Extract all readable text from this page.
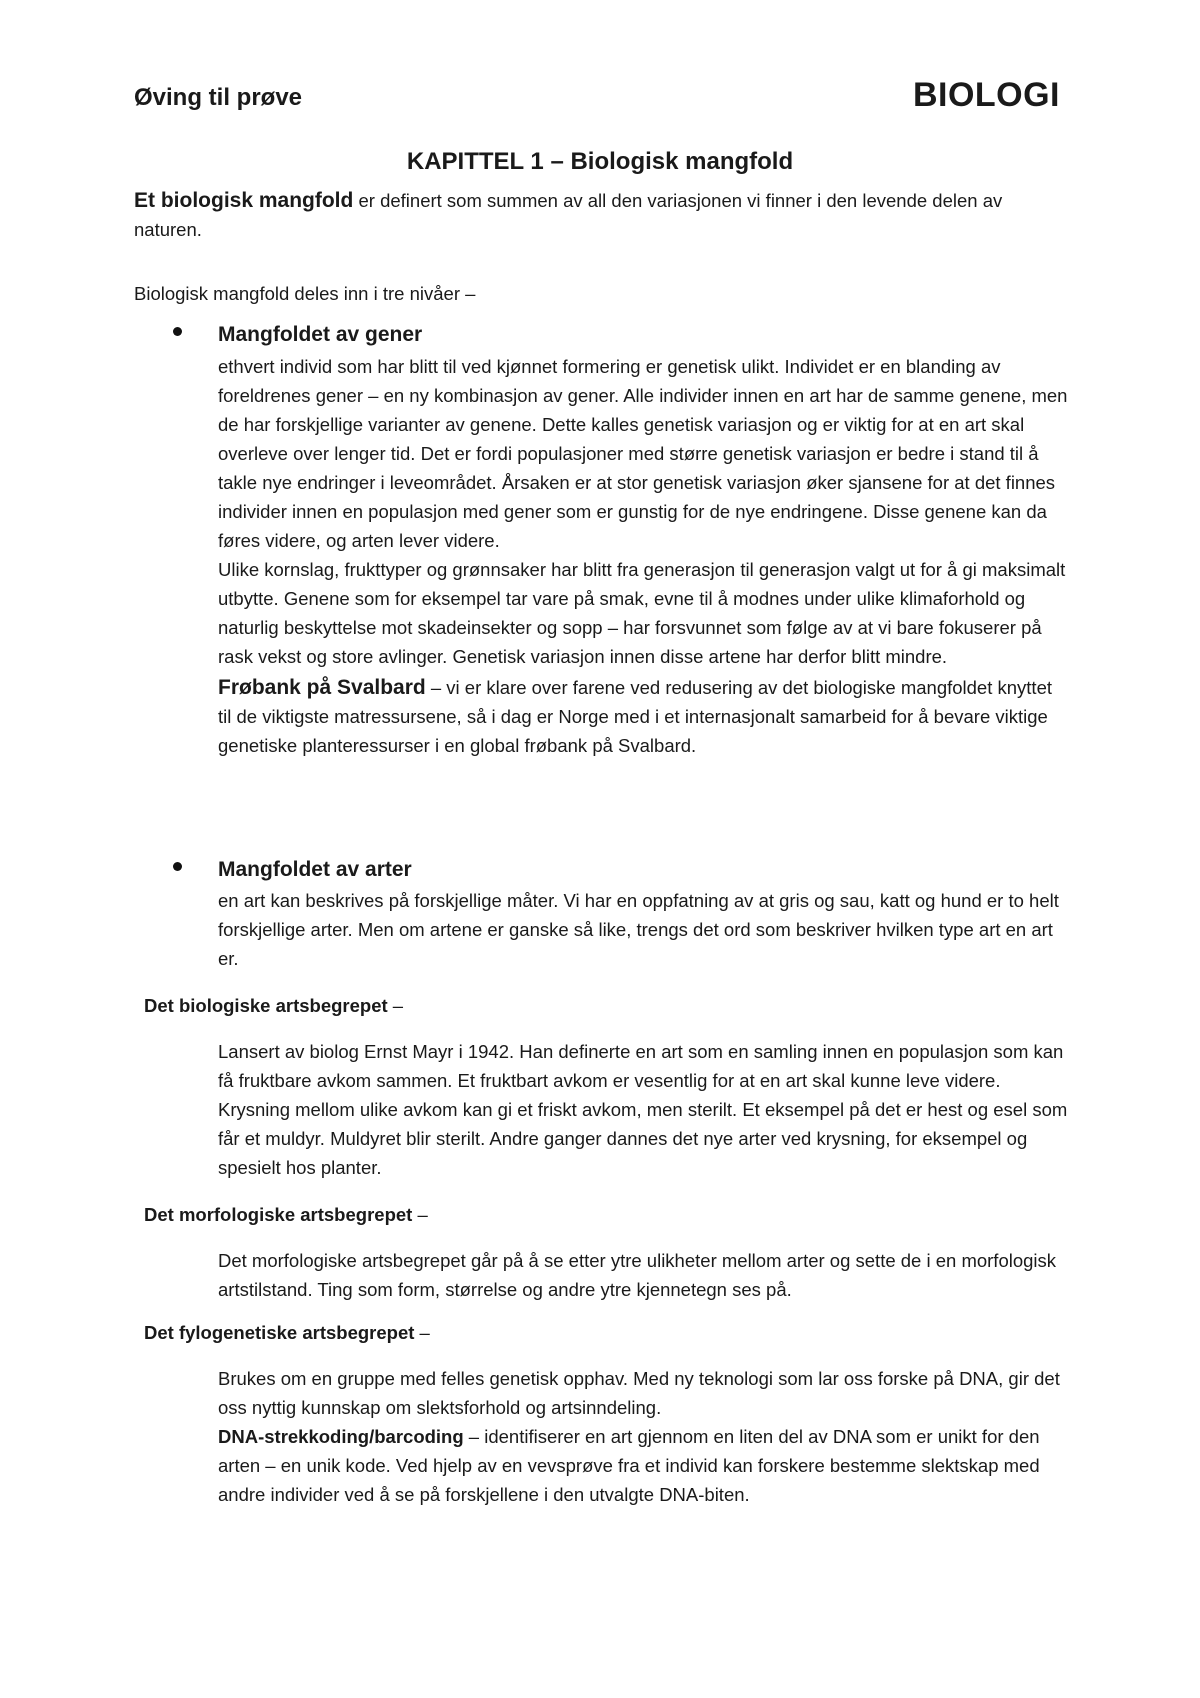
Øving til prøve	BIOLOGI
KAPITTEL 1 – Biologisk mangfold

Et biologisk mangfold er definert som summen av all den variasjonen vi finner i den levende delen av naturen.

Biologisk mangfold deles inn i tre nivåer –
Mangfoldet av gener

ethvert individ som har blitt til ved kjønnet formering er genetisk ulikt. Individet er en blanding av foreldrenes gener – en ny kombinasjon av gener. Alle individer innen en art har de samme genene, men de har forskjellige varianter av genene. Dette kalles genetisk variasjon og er viktig for at en art skal overleve over lenger tid. Det er fordi populasjoner med større genetisk variasjon er bedre i stand til å takle nye endringer i leveområdet. Årsaken er at stor genetisk variasjon øker sjansene for at det finnes individer innen en populasjon med gener som er gunstig for de nye endringene. Disse genene kan da føres videre, og arten lever videre.

Ulike kornslag, frukttyper og grønnsaker har blitt fra generasjon til generasjon valgt ut for å gi maksimalt utbytte. Genene som for eksempel tar vare på smak, evne til å modnes under ulike klimaforhold og naturlig beskyttelse mot skadeinsekter og sopp – har forsvunnet som følge av at vi bare fokuserer på rask vekst og store avlinger. Genetisk variasjon innen disse artene har derfor blitt mindre.

Frøbank på Svalbard – vi er klare over farene ved redusering av det biologiske mangfoldet knyttet til de viktigste matressursene, så i dag er Norge med i et internasjonalt samarbeid for å bevare viktige genetiske planteressurser i en global frøbank på Svalbard.

Mangfoldet av arter
en art kan beskrives på forskjellige måter. Vi har en oppfatning av at gris og sau, katt og hund er to helt forskjellige arter. Men om artene er ganske så like, trengs det ord som beskriver hvilken type art en art er.
Det biologiske artsbegrepet –
Lansert av biolog Ernst Mayr i 1942. Han definerte en art som en samling innen en populasjon som kan få fruktbare avkom sammen. Et fruktbart avkom er vesentlig for at en art skal kunne leve videre. Krysning mellom ulike avkom kan gi et friskt avkom, men sterilt. Et eksempel på det er hest og esel som får et muldyr. Muldyret blir sterilt. Andre ganger dannes det nye arter ved krysning, for eksempel og spesielt hos planter.
Det morfologiske artsbegrepet –
Det morfologiske artsbegrepet går på å se etter ytre ulikheter mellom arter og sette de i en morfologisk artstilstand. Ting som form, størrelse og andre ytre kjennetegn ses på.
Det fylogenetiske artsbegrepet –

Brukes om en gruppe med felles genetisk opphav. Med ny teknologi som lar oss forske på DNA, gir det oss nyttig kunnskap om slektsforhold og artsinndeling.

DNA-strekkoding/barcoding – identifiserer en art gjennom en liten del av DNA som er unikt for den arten – en unik kode. Ved hjelp av en vevsprøve fra et individ kan forskere bestemme slektskap med andre individer ved å se på forskjellene i den utvalgte DNA-biten.
